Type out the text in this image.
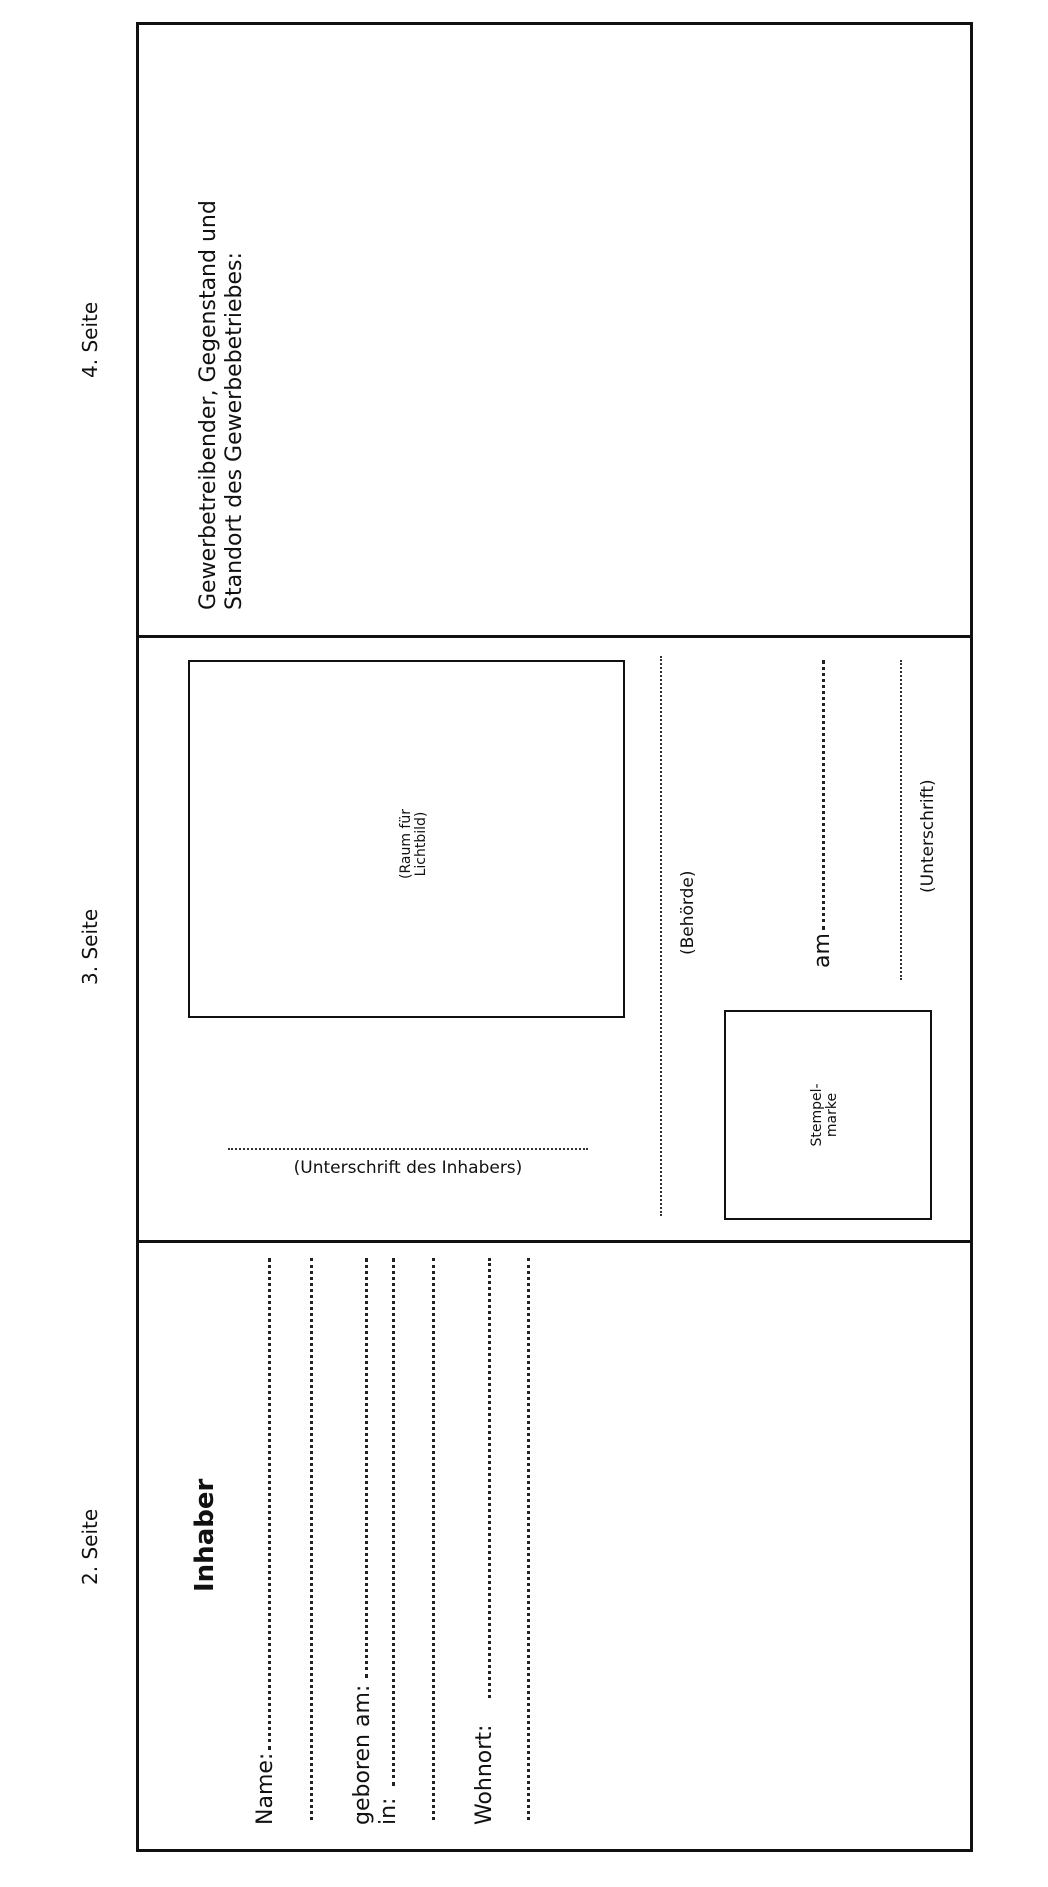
4. Seite	Gewerbetreibender, Gegenstand und Standort des Gewerbebetriebes:
3. Seite
(Raum für Lichtbild)
(Unterschrift des Inhabers)
(Behörde)
Stempel-marke
am
(Unterschrift)
2. Seite	Inhaber
Name:	geboren am: in:	Wohnort:
